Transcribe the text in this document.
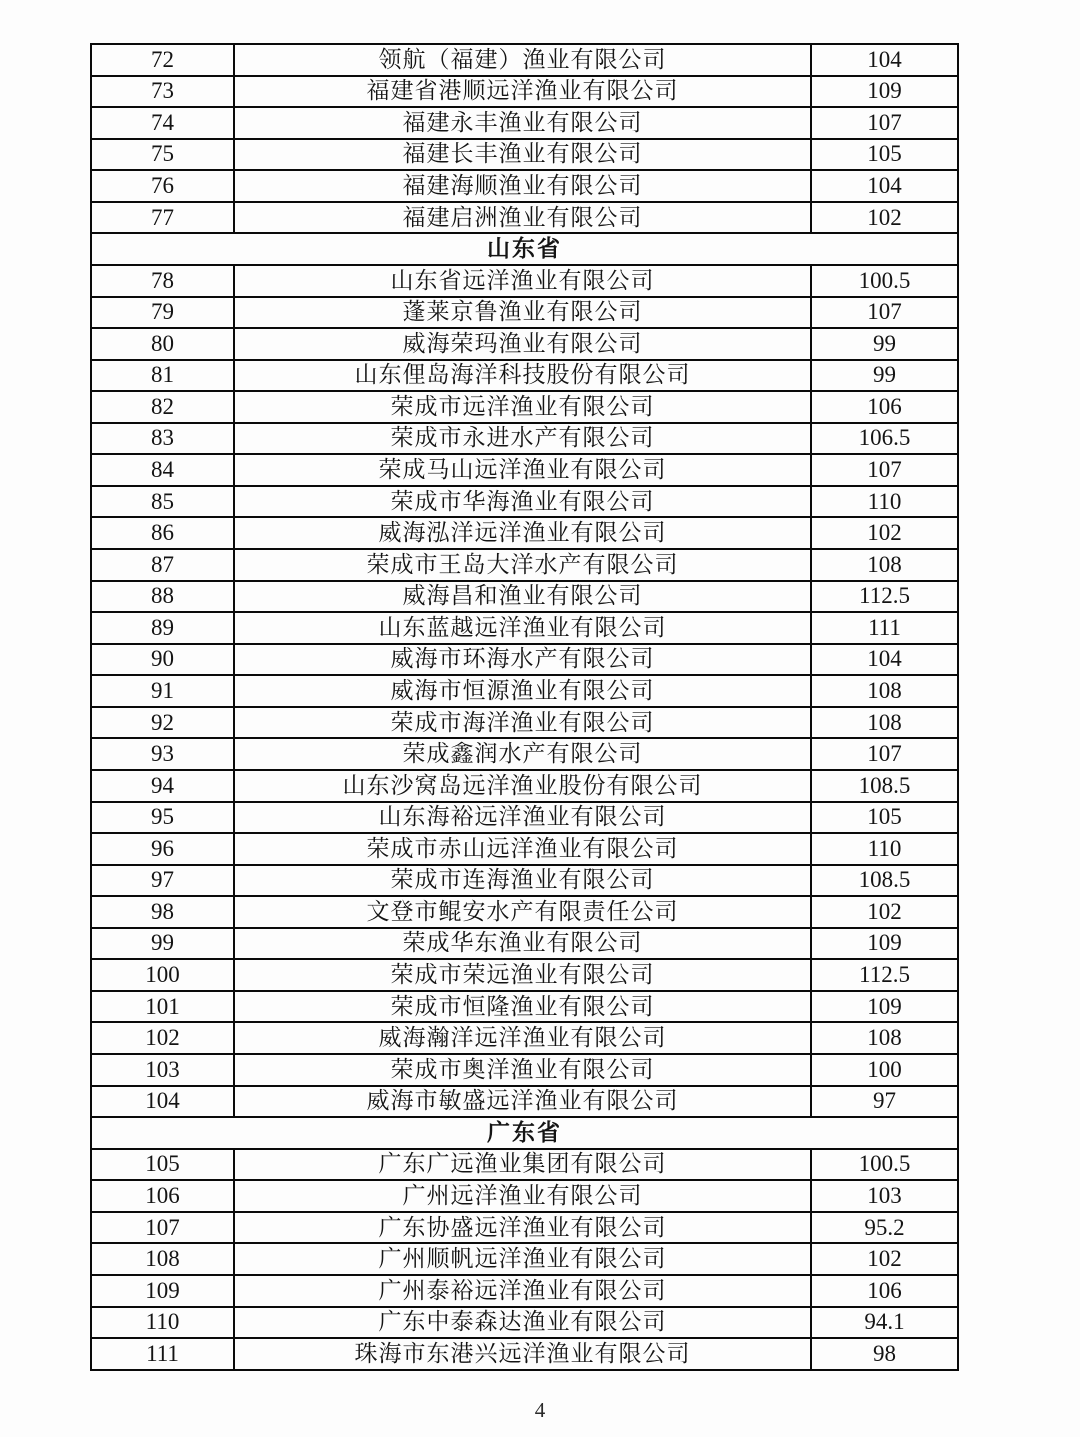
72	领航（福建）渔业有限公司	104
73	福建省港顺远洋渔业有限公司	109
74	福建永丰渔业有限公司	107
75	福建长丰渔业有限公司	105
76	福建海顺渔业有限公司	104
77	福建启洲渔业有限公司	102
山东省		
78	山东省远洋渔业有限公司	100.5
79	蓬莱京鲁渔业有限公司	107
80	威海荣玛渔业有限公司	99
81	山东俚岛海洋科技股份有限公司	99
82	荣成市远洋渔业有限公司	106
83	荣成市永进水产有限公司	106.5
84	荣成马山远洋渔业有限公司	107
85	荣成市华海渔业有限公司	110
86	威海泓洋远洋渔业有限公司	102
87	荣成市王岛大洋水产有限公司	108
88	威海昌和渔业有限公司	112.5
89	山东蓝越远洋渔业有限公司	111
90	威海市环海水产有限公司	104
91	威海市恒源渔业有限公司	108
92	荣成市海洋渔业有限公司	108
93	荣成鑫润水产有限公司	107
94	山东沙窝岛远洋渔业股份有限公司	108.5
95	山东海裕远洋渔业有限公司	105
96	荣成市赤山远洋渔业有限公司	110
97	荣成市连海渔业有限公司	108.5
98	文登市鲲安水产有限责任公司	102
99	荣成华东渔业有限公司	109
100	荣成市荣远渔业有限公司	112.5
101	荣成市恒隆渔业有限公司	109
102	威海瀚洋远洋渔业有限公司	108
103	荣成市奥洋渔业有限公司	100
104	威海市敏盛远洋渔业有限公司	97
广东省		
105	广东广远渔业集团有限公司	100.5
106	广州远洋渔业有限公司	103
107	广东协盛远洋渔业有限公司	95.2
108	广州顺帆远洋渔业有限公司	102
109	广州泰裕远洋渔业有限公司	106
110	广东中泰森达渔业有限公司	94.1
111	珠海市东港兴远洋渔业有限公司	98
4
